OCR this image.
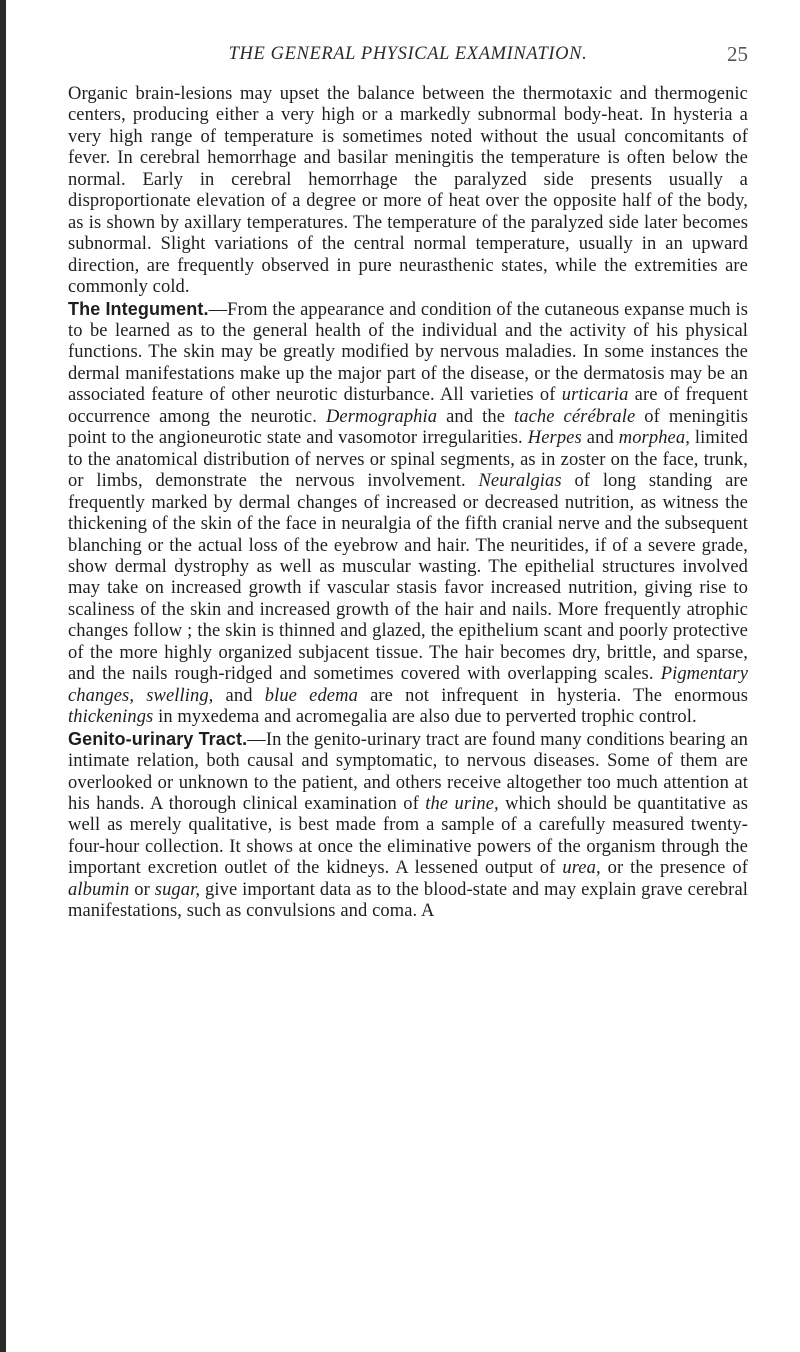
THE GENERAL PHYSICAL EXAMINATION.	25

Organic brain-lesions may upset the balance between the thermotaxic and thermogenic centers, producing either a very high or a markedly subnormal body-heat. In hysteria a very high range of temperature is sometimes noted without the usual concomitants of fever. In cerebral hemorrhage and basilar meningitis the temperature is often below the normal. Early in cerebral hemorrhage the paralyzed side presents usually a disproportionate elevation of a degree or more of heat over the opposite half of the body, as is shown by axillary temperatures. The temperature of the paralyzed side later becomes subnormal. Slight variations of the central normal temperature, usually in an upward direction, are frequently observed in pure neurasthenic states, while the extremities are commonly cold.

The Integument.—From the appearance and condition of the cutaneous expanse much is to be learned as to the general health of the individual and the activity of his physical functions. The skin may be greatly modified by nervous maladies. In some instances the dermal manifestations make up the major part of the disease, or the dermatosis may be an associated feature of other neurotic disturbance. All varieties of urticaria are of frequent occurrence among the neurotic. Dermographia and the tache cérébrale of meningitis point to the angioneurotic state and vasomotor irregularities. Herpes and morphea, limited to the anatomical distribution of nerves or spinal segments, as in zoster on the face, trunk, or limbs, demonstrate the nervous involvement. Neuralgias of long standing are frequently marked by dermal changes of increased or decreased nutrition, as witness the thickening of the skin of the face in neuralgia of the fifth cranial nerve and the subsequent blanching or the actual loss of the eyebrow and hair. The neuritides, if of a severe grade, show dermal dystrophy as well as muscular wasting. The epithelial structures involved may take on increased growth if vascular stasis favor increased nutrition, giving rise to scaliness of the skin and increased growth of the hair and nails. More frequently atrophic changes follow ; the skin is thinned and glazed, the epithelium scant and poorly protective of the more highly organized subjacent tissue. The hair becomes dry, brittle, and sparse, and the nails rough-ridged and sometimes covered with overlapping scales. Pigmentary changes, swelling, and blue edema are not infrequent in hysteria. The enormous thickenings in myxedema and acromegalia are also due to perverted trophic control.

Genito-urinary Tract.—In the genito-urinary tract are found many conditions bearing an intimate relation, both causal and symptomatic, to nervous diseases. Some of them are overlooked or unknown to the patient, and others receive altogether too much attention at his hands. A thorough clinical examination of the urine, which should be quantitative as well as merely qualitative, is best made from a sample of a carefully measured twenty-four-hour collection. It shows at once the eliminative powers of the organism through the important excretion outlet of the kidneys. A lessened output of urea, or the presence of albumin or sugar, give important data as to the blood-state and may explain grave cerebral manifestations, such as convulsions and coma. A
